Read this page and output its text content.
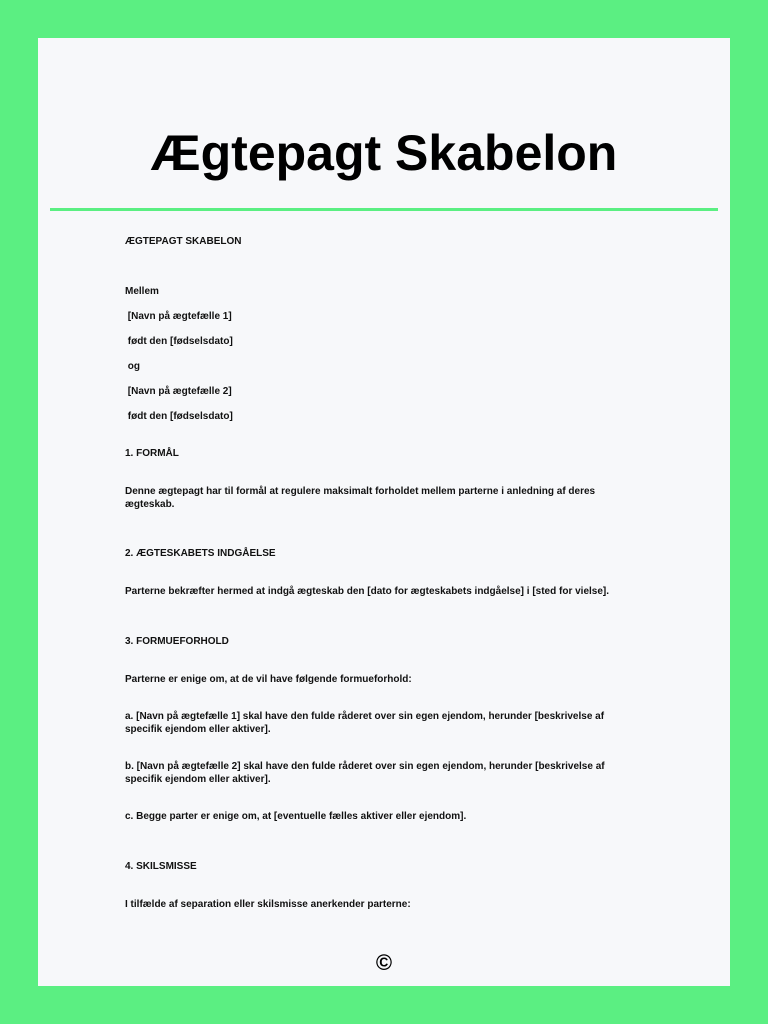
Ægtepagt Skabelon

ÆGTEPAGT SKABELON

Mellem

[Navn på ægtefælle 1]

født den [fødselsdato]

og

[Navn på ægtefælle 2]

født den [fødselsdato]

1. FORMÅL

Denne ægtepagt har til formål at regulere maksimalt forholdet mellem parterne i anledning af deres

ægteskab.

2. ÆGTESKABETS INDGÅELSE

Parterne bekræfter hermed at indgå ægteskab den [dato for ægteskabets indgåelse] i [sted for vielse].

3. FORMUEFORHOLD

Parterne er enige om, at de vil have følgende formueforhold:

a. [Navn på ægtefælle 1] skal have den fulde råderet over sin egen ejendom, herunder [beskrivelse af

specifik ejendom eller aktiver].

b. [Navn på ægtefælle 2] skal have den fulde råderet over sin egen ejendom, herunder [beskrivelse af

specifik ejendom eller aktiver].

c. Begge parter er enige om, at [eventuelle fælles aktiver eller ejendom].

4. SKILSMISSE

I tilfælde af separation eller skilsmisse anerkender parterne:

©
